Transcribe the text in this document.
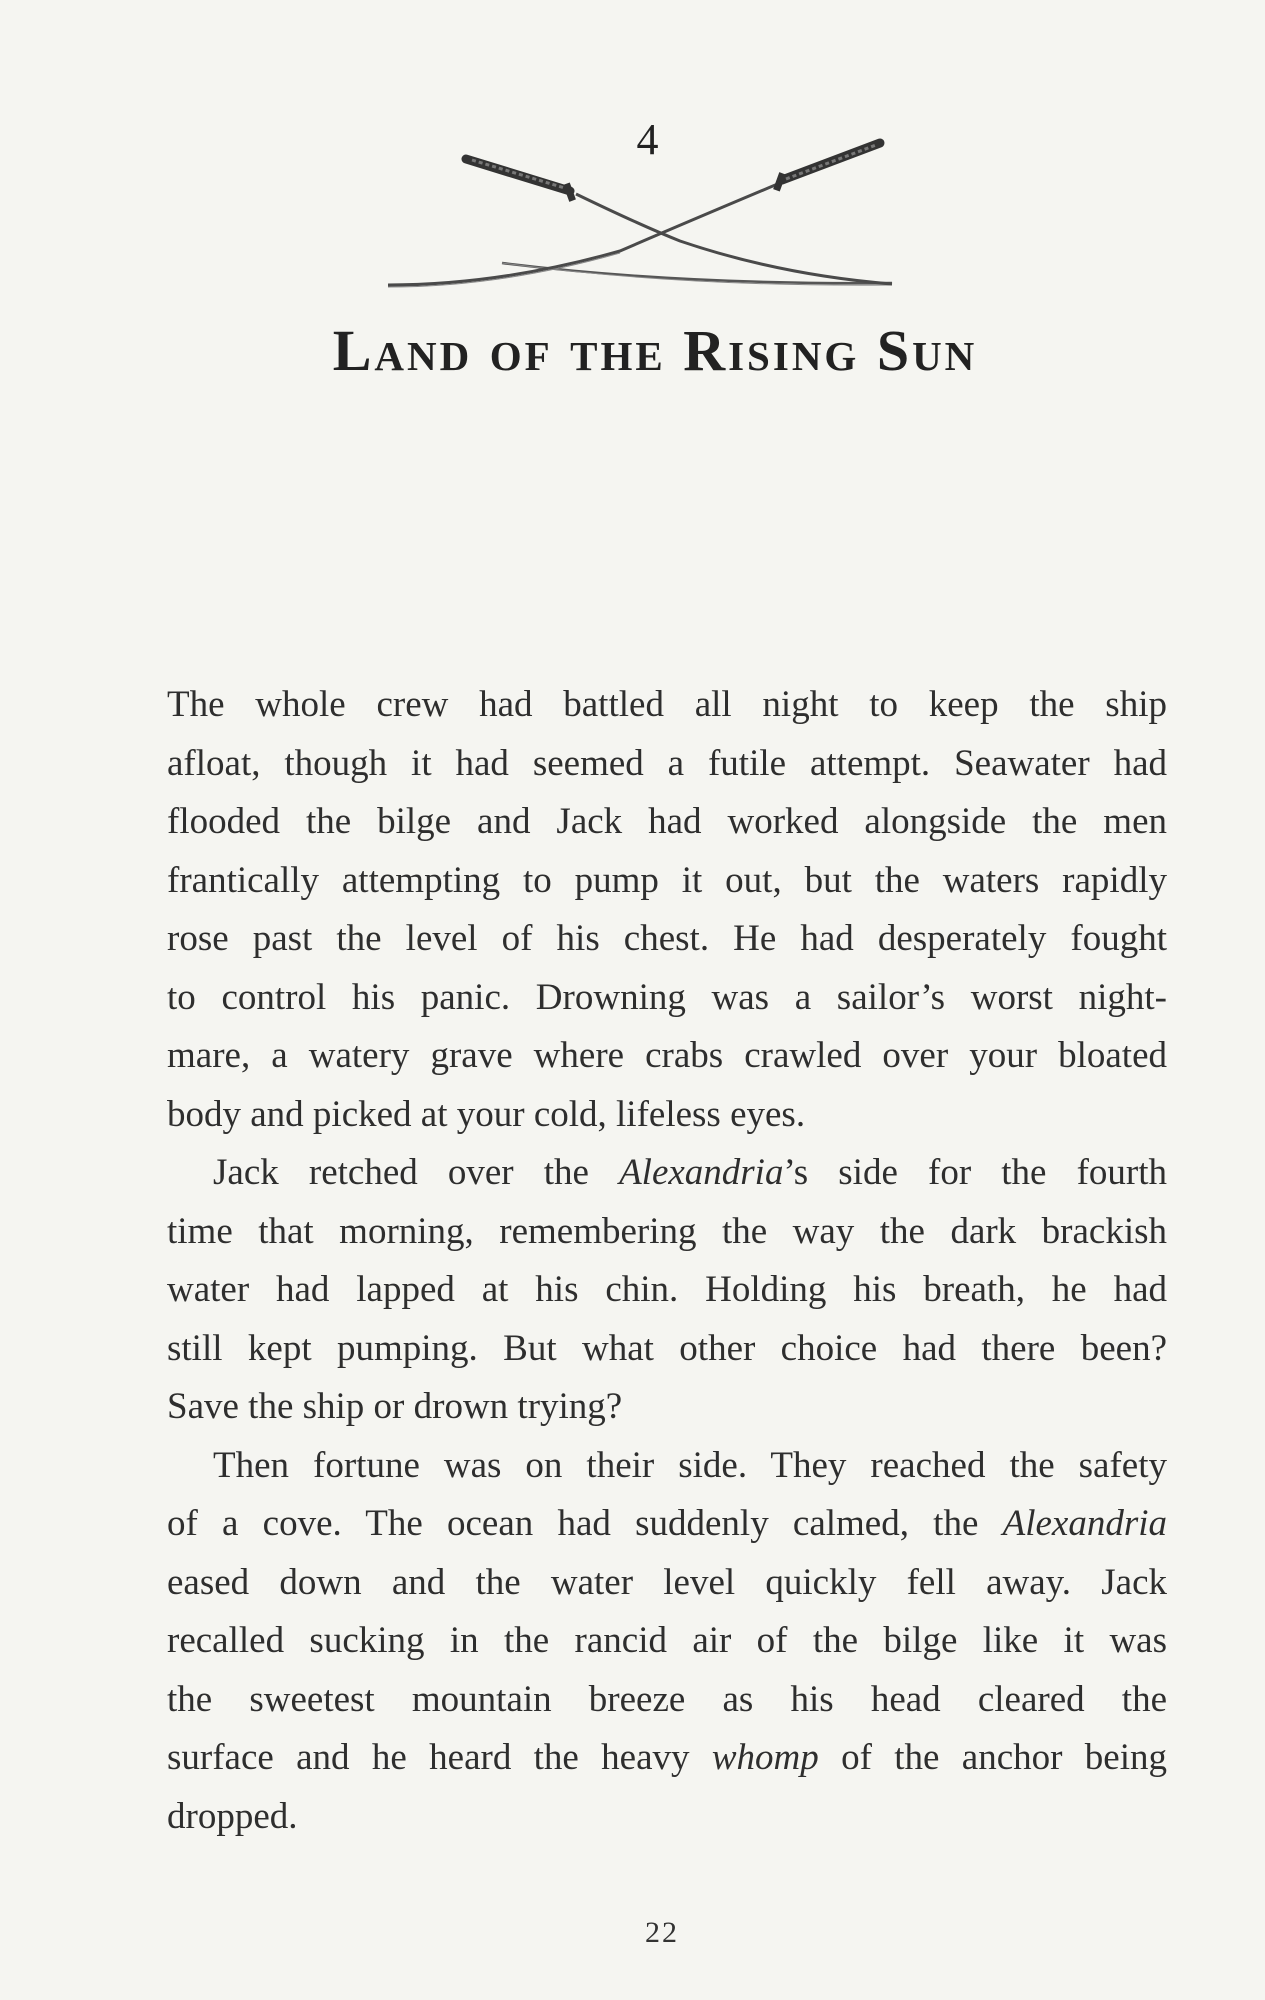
4
Land of the Rising Sun
The whole crew had battled all night to keep the ship
afloat, though it had seemed a futile attempt. Seawater had
flooded the bilge and Jack had worked alongside the men
frantically attempting to pump it out, but the waters rapidly
rose past the level of his chest. He had desperately fought
to control his panic. Drowning was a sailor’s worst night-
mare, a watery grave where crabs crawled over your bloated
body and picked at your cold, lifeless eyes.
Jack retched over the Alexandria’s side for the fourth
time that morning, remembering the way the dark brackish
water had lapped at his chin. Holding his breath, he had
still kept pumping. But what other choice had there been?
Save the ship or drown trying?
Then fortune was on their side. They reached the safety
of a cove. The ocean had suddenly calmed, the Alexandria
eased down and the water level quickly fell away. Jack
recalled sucking in the rancid air of the bilge like it was
the sweetest mountain breeze as his head cleared the
surface and he heard the heavy whomp of the anchor being
dropped.
22
